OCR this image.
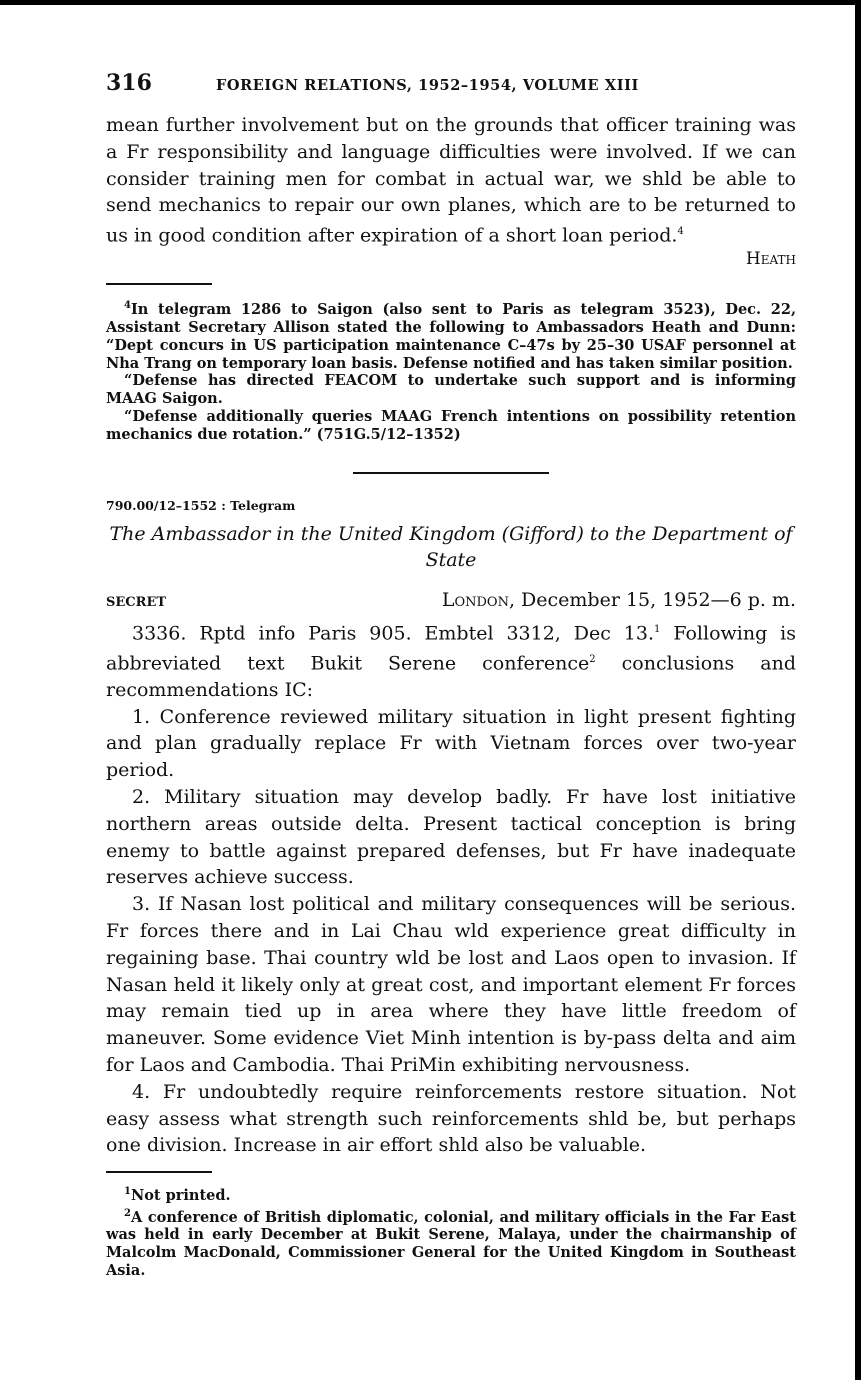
316	FOREIGN RELATIONS, 1952–1954, VOLUME XIII

mean further involvement but on the grounds that officer training was a Fr responsibility and language difficulties were involved. If we can consider training men for combat in actual war, we shld be able to send mechanics to repair our own planes, which are to be returned to us in good condition after expiration of a short loan period.$^4$

Heath

$^4$In telegram 1286 to Saigon (also sent to Paris as telegram 3523), Dec. 22, Assistant Secretary Allison stated the following to Ambassadors Heath and Dunn: “Dept concurs in US participation maintenance C–47s by 25–30 USAF personnel at Nha Trang on temporary loan basis. Defense notified and has taken similar position.

“Defense has directed FEACOM to undertake such support and is informing MAAG Saigon.

“Defense additionally queries MAAG French intentions on possibility retention mechanics due rotation.” (751G.5/12–1352)

790.00/12–1552 : Telegram
The Ambassador in the United Kingdom (Gifford) to the Department of State
SECRET	London, December 15, 1952—6 p. m.

3336. Rptd info Paris 905. Embtel 3312, Dec 13.$^1$ Following is abbreviated text Bukit Serene conference$^2$ conclusions and recommendations IC:

1. Conference reviewed military situation in light present fighting and plan gradually replace Fr with Vietnam forces over two-year period.

2. Military situation may develop badly. Fr have lost initiative northern areas outside delta. Present tactical conception is bring enemy to battle against prepared defenses, but Fr have inadequate reserves achieve success.

3. If Nasan lost political and military consequences will be serious. Fr forces there and in Lai Chau wld experience great difficulty in regaining base. Thai country wld be lost and Laos open to invasion. If Nasan held it likely only at great cost, and important element Fr forces may remain tied up in area where they have little freedom of maneuver. Some evidence Viet Minh intention is by-pass delta and aim for Laos and Cambodia. Thai PriMin exhibiting nervousness.

4. Fr undoubtedly require reinforcements restore situation. Not easy assess what strength such reinforcements shld be, but perhaps one division. Increase in air effort shld also be valuable.

$^1$Not printed.

$^2$A conference of British diplomatic, colonial, and military officials in the Far East was held in early December at Bukit Serene, Malaya, under the chairmanship of Malcolm MacDonald, Commissioner General for the United Kingdom in Southeast Asia.
